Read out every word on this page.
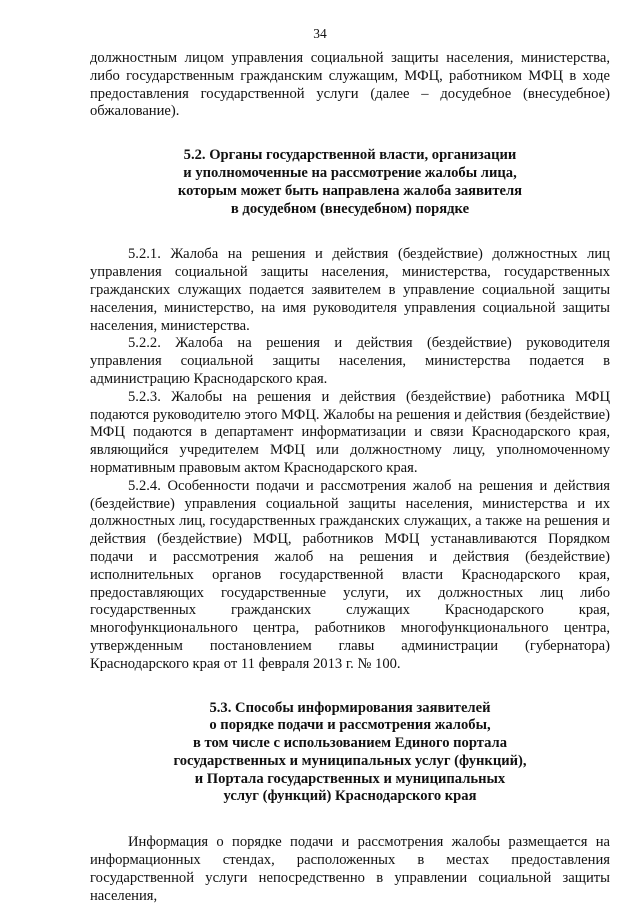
34

должностным лицом управления социальной защиты населения, министерства, либо государственным гражданским служащим, МФЦ, работником МФЦ в ходе предоставления государственной услуги (далее – досудебное (внесудебное) обжалование).

5.2. Органы государственной власти, организации
и уполномоченные на рассмотрение жалобы лица,
которым может быть направлена жалоба заявителя
в досудебном (внесудебном) порядке

5.2.1. Жалоба на решения и действия (бездействие) должностных лиц управления социальной защиты населения, министерства, государственных гражданских служащих подается заявителем в управление социальной защиты населения, министерство, на имя руководителя управления социальной защиты населения, министерства.

5.2.2. Жалоба на решения и действия (бездействие) руководителя управления социальной защиты населения, министерства подается в администрацию Краснодарского края.

5.2.3. Жалобы на решения и действия (бездействие) работника МФЦ подаются руководителю этого МФЦ. Жалобы на решения и действия (бездействие) МФЦ подаются в департамент информатизации и связи Краснодарского края, являющийся учредителем МФЦ или должностному лицу, уполномоченному нормативным правовым актом Краснодарского края.

5.2.4. Особенности подачи и рассмотрения жалоб на решения и действия (бездействие) управления социальной защиты населения, министерства и их должностных лиц, государственных гражданских служащих, а также на решения и действия (бездействие) МФЦ, работников МФЦ устанавливаются Порядком подачи и рассмотрения жалоб на решения и действия (бездействие) исполнительных органов государственной власти Краснодарского края, предоставляющих государственные услуги, их должностных лиц либо государственных гражданских служащих Краснодарского края, многофункционального центра, работников многофункционального центра, утвержденным постановлением главы администрации (губернатора) Краснодарского края от 11 февраля 2013 г. № 100.

5.3. Способы информирования заявителей
о порядке подачи и рассмотрения жалобы,
в том числе с использованием Единого портала
государственных и муниципальных услуг (функций),
и Портала государственных и муниципальных
услуг (функций) Краснодарского края

Информация о порядке подачи и рассмотрения жалобы размещается на информационных стендах, расположенных в местах предоставления государственной услуги непосредственно в управлении социальной защиты населения,
